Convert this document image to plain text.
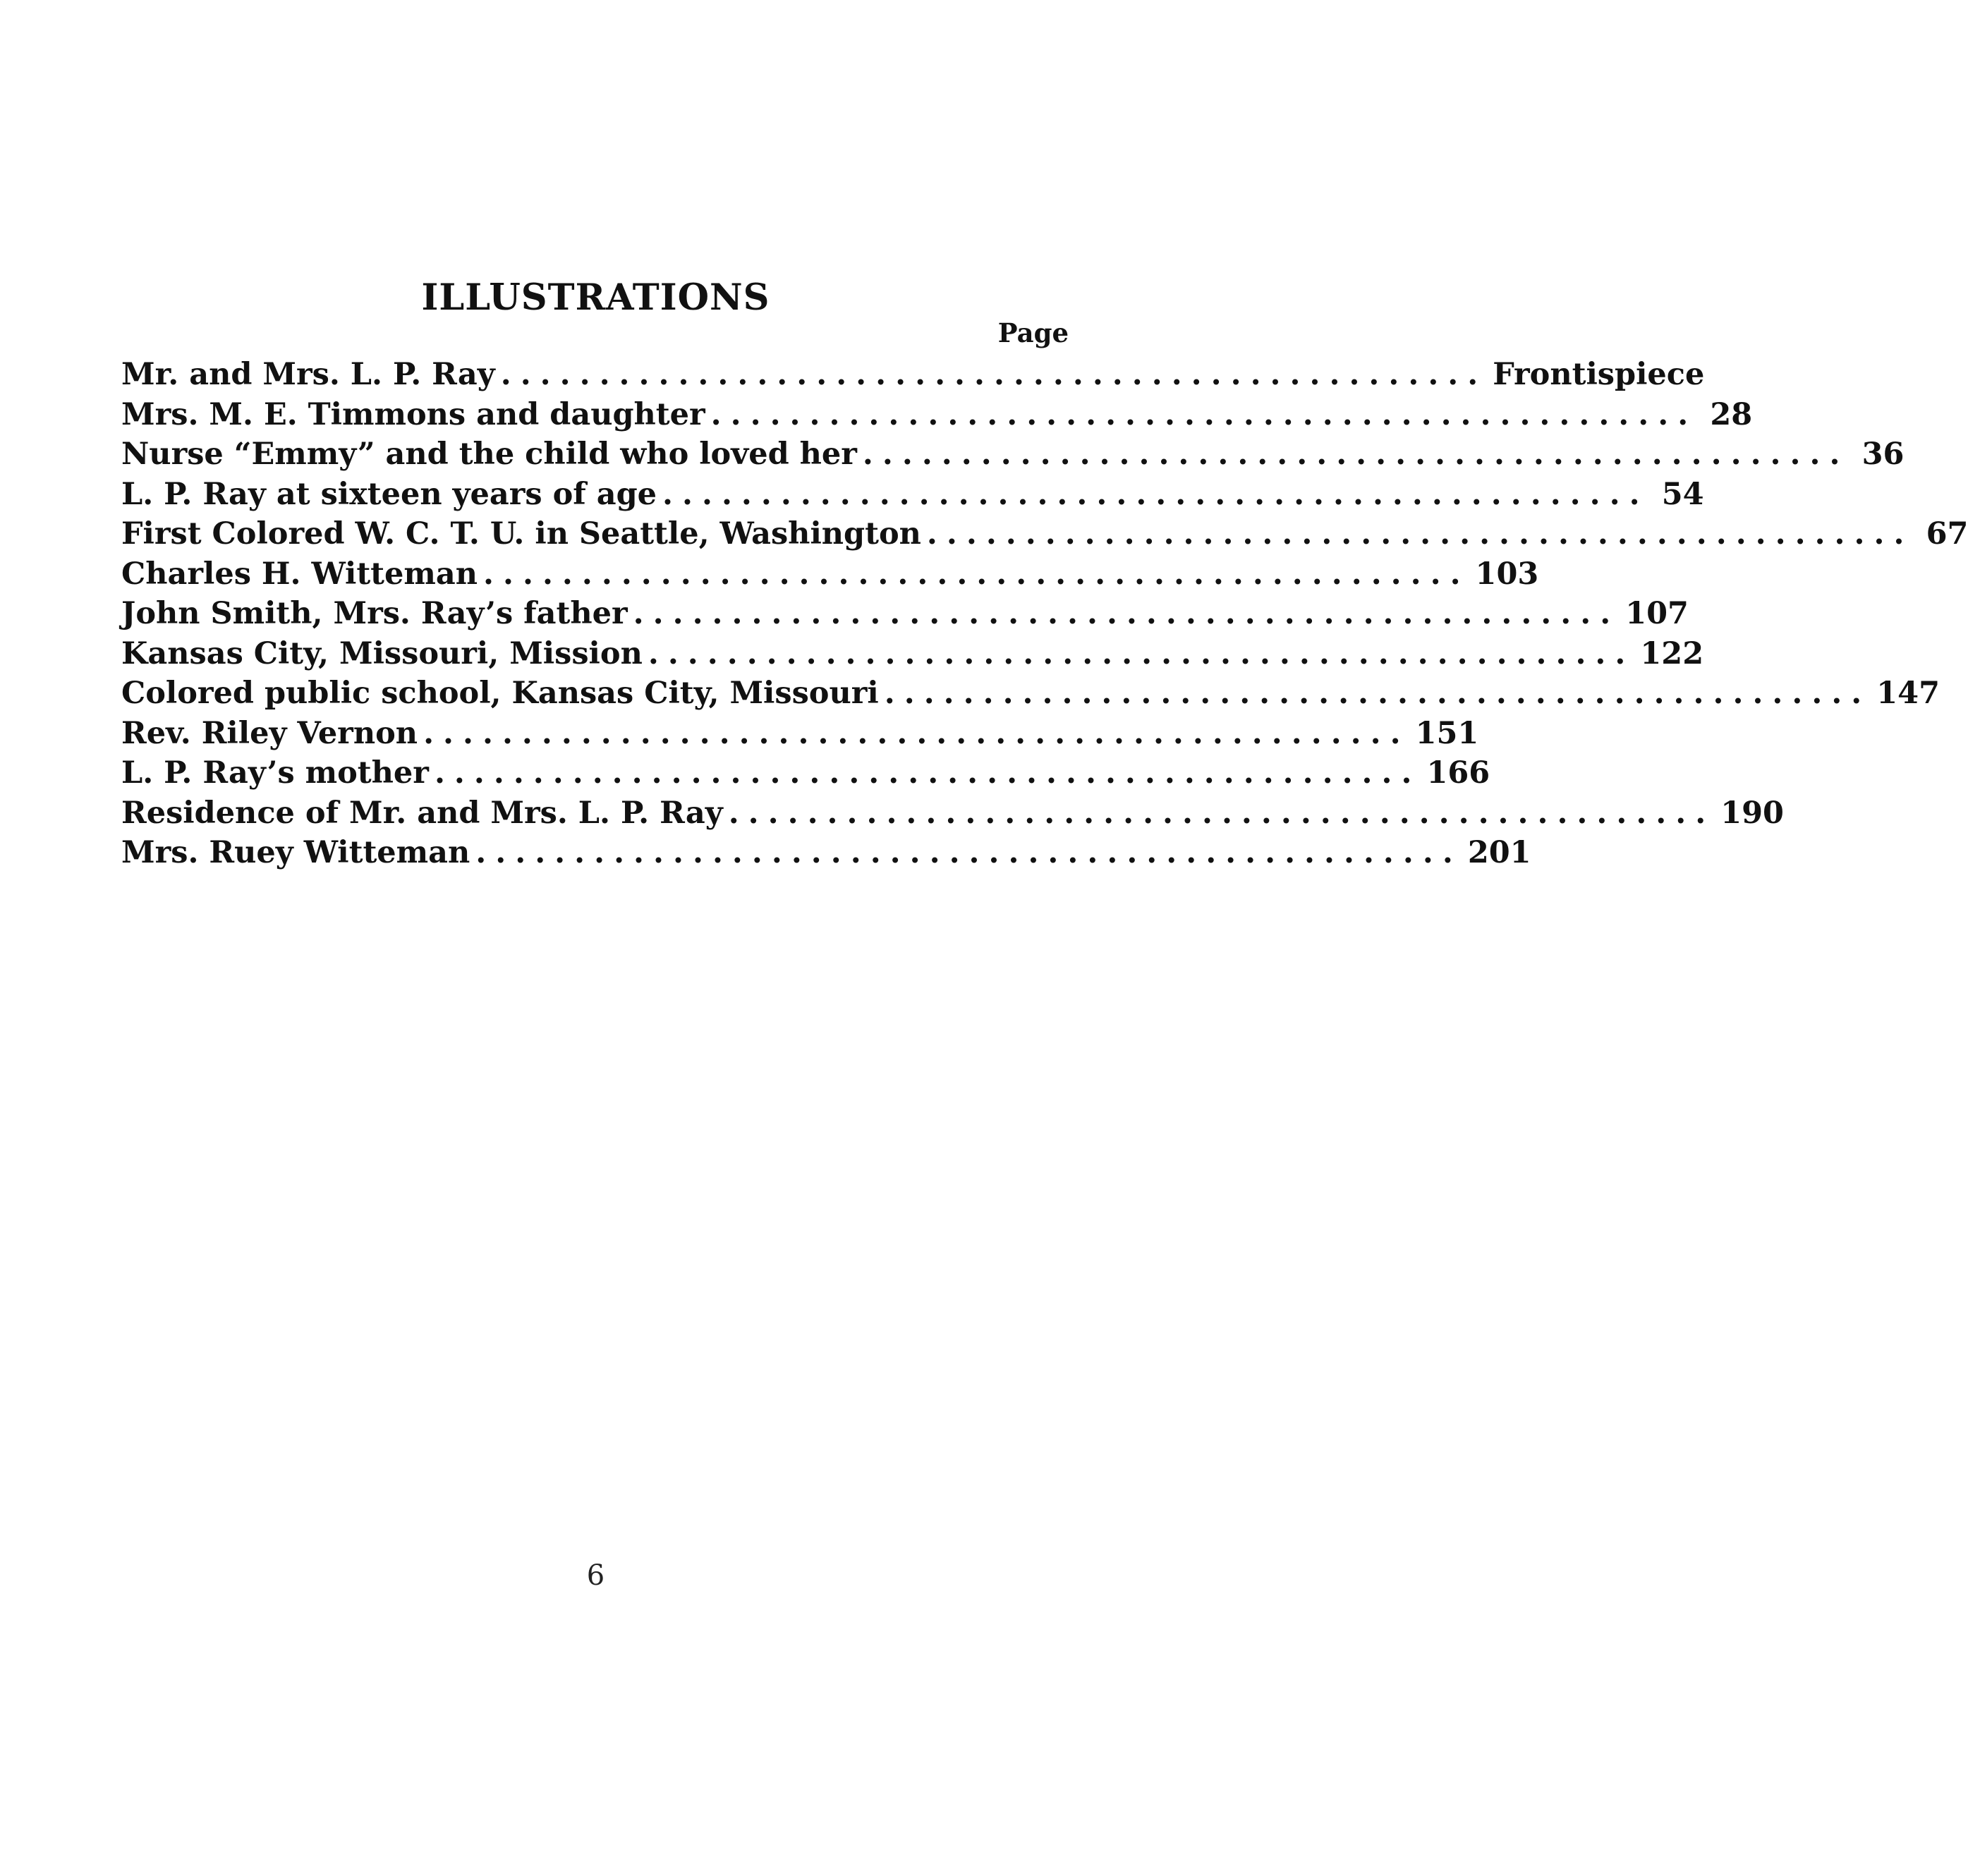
ILLUSTRATIONS
Page
Mr. and Mrs. L. P. Ray .................................................. Frontispiece
Mrs. M. E. Timmons and daughter .................................................. 28
Nurse “Emmy” and the child who loved her .................................................. 36
L. P. Ray at sixteen years of age .................................................. 54
First Colored W. C. T. U. in Seattle, Washington .................................................. 67
Charles H. Witteman .................................................. 103
John Smith, Mrs. Ray’s father .................................................. 107
Kansas City, Missouri, Mission .................................................. 122
Colored public school, Kansas City, Missouri .................................................. 147
Rev. Riley Vernon .................................................. 151
L. P. Ray’s mother .................................................. 166
Residence of Mr. and Mrs. L. P. Ray .................................................. 190
Mrs. Ruey Witteman .................................................. 201
6
